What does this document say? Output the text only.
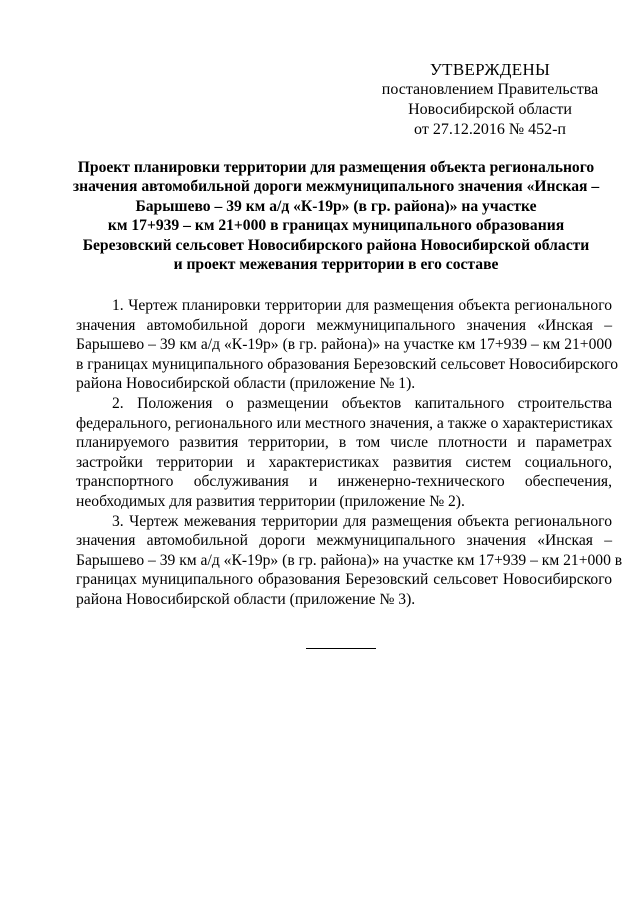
УТВЕРЖДЕНЫ
постановлением Правительства
Новосибирской области
от 27.12.2016 № 452-п
Проект планировки территории для размещения объекта регионального
значения автомобильной дороги межмуниципального значения «Инская –
Барышево – 39 км а/д «К-19р» (в гр. района)» на участке
км 17+939 – км 21+000 в границах муниципального образования
Березовский сельсовет Новосибирского района Новосибирской области
и проект межевания территории в его составе

1. Чертеж планировки территории для размещения объекта регионального
значения автомобильной дороги межмуниципального значения «Инская –
Барышево – 39 км а/д «К-19р» (в гр. района)» на участке км 17+939 – км 21+000
в границах муниципального образования Березовский сельсовет Новосибирского
района Новосибирской области (приложение № 1).

2. Положения о размещении объектов капитального строительства
федерального, регионального или местного значения, а также о характеристиках
планируемого развития территории, в том числе плотности и параметрах
застройки территории и характеристиках развития систем социального,
транспортного обслуживания и инженерно-технического обеспечения,
необходимых для развития территории (приложение № 2).

3. Чертеж межевания территории для размещения объекта регионального
значения автомобильной дороги межмуниципального значения «Инская –
Барышево – 39 км а/д «К-19р» (в гр. района)» на участке км 17+939 – км 21+000 в
границах муниципального образования Березовский сельсовет Новосибирского
района Новосибирской области (приложение № 3).
